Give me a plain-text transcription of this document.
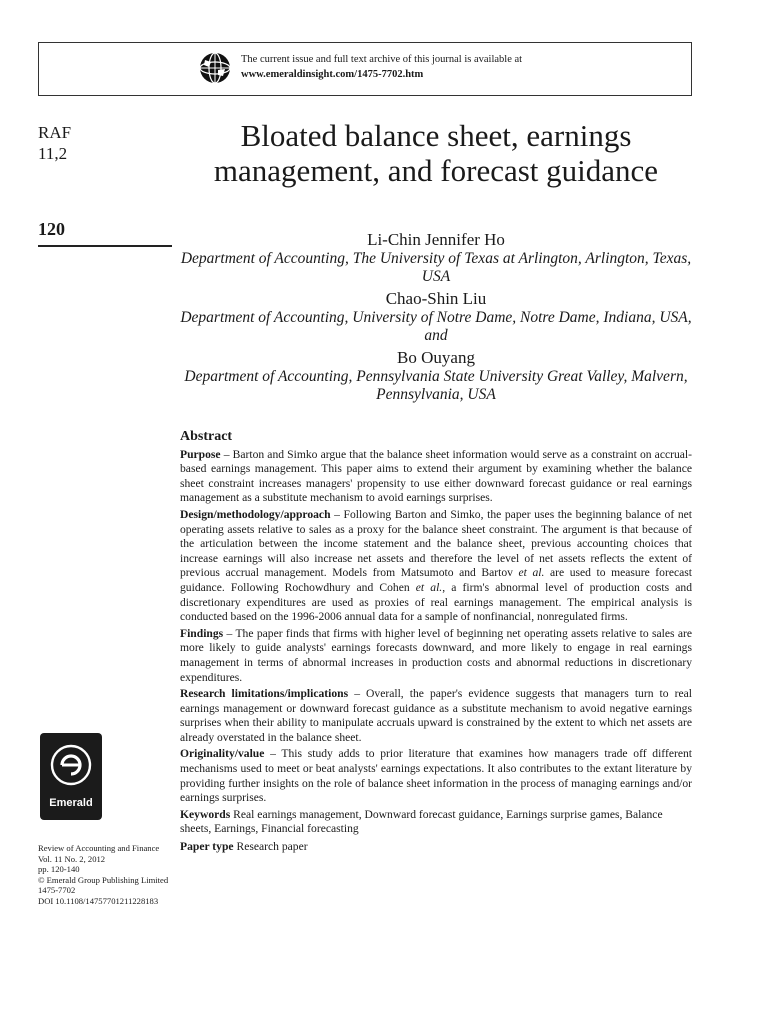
The current issue and full text archive of this journal is available at
www.emeraldinsight.com/1475-7702.htm
RAF
11,2
120
Bloated balance sheet, earnings management, and forecast guidance
Li-Chin Jennifer Ho
Department of Accounting, The University of Texas at Arlington, Arlington, Texas, USA
Chao-Shin Liu
Department of Accounting, University of Notre Dame, Notre Dame, Indiana, USA, and
Bo Ouyang
Department of Accounting, Pennsylvania State University Great Valley, Malvern, Pennsylvania, USA
Abstract
Purpose – Barton and Simko argue that the balance sheet information would serve as a constraint on accrual-based earnings management. This paper aims to extend their argument by examining whether the balance sheet constraint increases managers' propensity to use either downward forecast guidance or real earnings management as a substitute mechanism to avoid earnings surprises.
Design/methodology/approach – Following Barton and Simko, the paper uses the beginning balance of net operating assets relative to sales as a proxy for the balance sheet constraint. The argument is that because of the articulation between the income statement and the balance sheet, previous accounting choices that increase earnings will also increase net assets and therefore the level of net assets reflects the extent of previous accrual management. Models from Matsumoto and Bartov et al. are used to measure forecast guidance. Following Rochowdhury and Cohen et al., a firm's abnormal level of production costs and discretionary expenditures are used as proxies of real earnings management. The empirical analysis is conducted based on the 1996-2006 annual data for a sample of nonfinancial, nonregulated firms.
Findings – The paper finds that firms with higher level of beginning net operating assets relative to sales are more likely to guide analysts' earnings forecasts downward, and more likely to engage in real earnings management in terms of abnormal increases in production costs and abnormal reductions in discretionary expenditures.
Research limitations/implications – Overall, the paper's evidence suggests that managers turn to real earnings management or downward forecast guidance as a substitute mechanism to avoid negative earnings surprises when their ability to manipulate accruals upward is constrained by the extent to which net assets are already overstated in the balance sheet.
Originality/value – This study adds to prior literature that examines how managers trade off different mechanisms used to meet or beat analysts' earnings expectations. It also contributes to the extant literature by providing further insights on the role of balance sheet information in the process of managing earnings and/or earnings surprises.
Keywords Real earnings management, Downward forecast guidance, Earnings surprise games, Balance sheets, Earnings, Financial forecasting
Paper type Research paper
Emerald
Review of Accounting and Finance
Vol. 11 No. 2, 2012
pp. 120-140
© Emerald Group Publishing Limited
1475-7702
DOI 10.1108/14757701211228183
